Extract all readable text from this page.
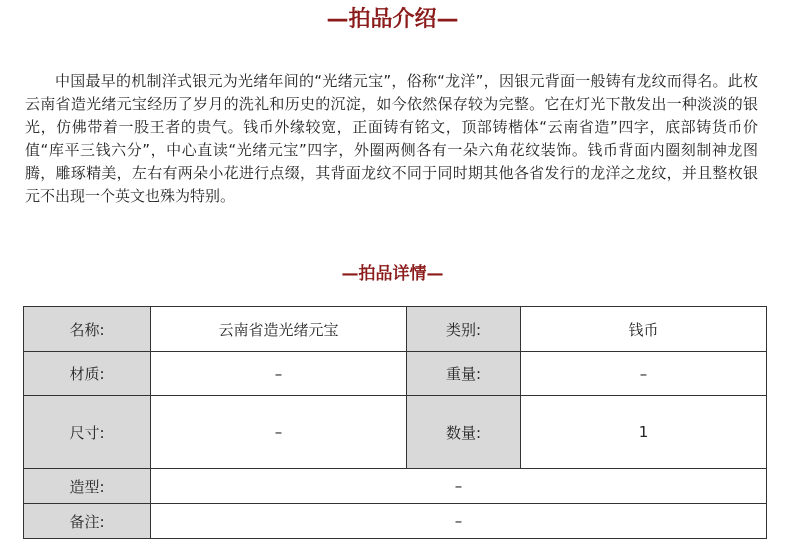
—拍品介绍—

中国最早的机制洋式银元为光绪年间的“光绪元宝”，俗称“龙洋”，因银元背面一般铸有龙纹而得名。此枚云南省造光绪元宝经历了岁月的洗礼和历史的沉淀，如今依然保存较为完整。它在灯光下散发出一种淡淡的银光，仿佛带着一股王者的贵气。钱币外缘较宽，正面铸有铭文，顶部铸楷体“云南省造”四字，底部铸货币价值“库平三钱六分”，中心直读“光绪元宝”四字，外圈两侧各有一朵六角花纹装饰。钱币背面内圈刻制神龙图腾，雕琢精美，左右有两朵小花进行点缀，其背面龙纹不同于同时期其他各省发行的龙洋之龙纹，并且整枚银元不出现一个英文也殊为特别。

—拍品详情—
名称:	云南省造光绪元宝	类别:	钱币
材质:	–	重量:	–
尺寸:	–	数量:	1
造型:	–		
备注:	–		
